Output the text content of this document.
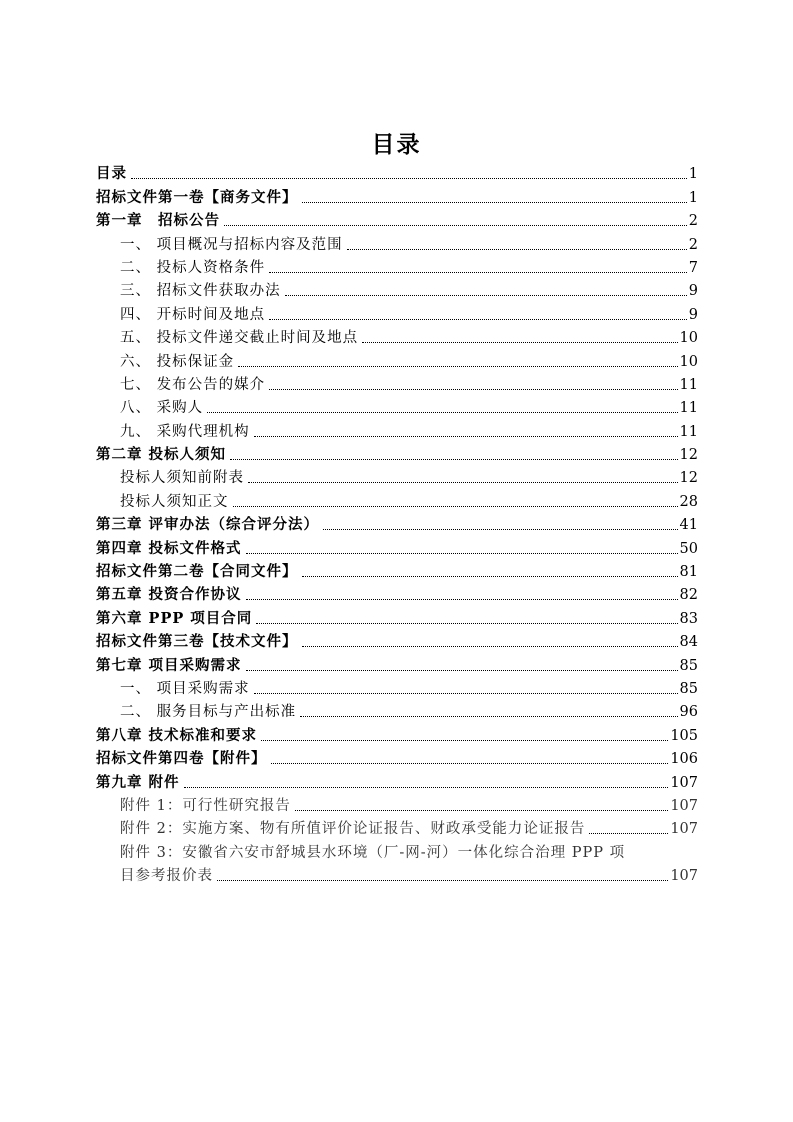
目录
目录	1
招标文件第一卷【商务文件】	1
第一章　招标公告	2
一、 项目概况与招标内容及范围	2
二、 投标人资格条件	7
三、 招标文件获取办法	9
四、 开标时间及地点	9
五、 投标文件递交截止时间及地点	10
六、 投标保证金	10
七、 发布公告的媒介	11
八、 采购人	11
九、 采购代理机构	11
第二章 投标人须知	12
投标人须知前附表	12
投标人须知正文	28
第三章 评审办法（综合评分法）	41
第四章 投标文件格式	50
招标文件第二卷【合同文件】	81
第五章 投资合作协议	82
第六章 PPP 项目合同	83
招标文件第三卷【技术文件】	84
第七章 项目采购需求	85
一、 项目采购需求	85
二、 服务目标与产出标准	96
第八章 技术标准和要求	105
招标文件第四卷【附件】	106
第九章 附件	107
附件 1：可行性研究报告	107
附件 2：实施方案、物有所值评价论证报告、财政承受能力论证报告	107
附件 3：安徽省六安市舒城县水环境（厂-网-河）一体化综合治理 PPP 项
目参考报价表	107
